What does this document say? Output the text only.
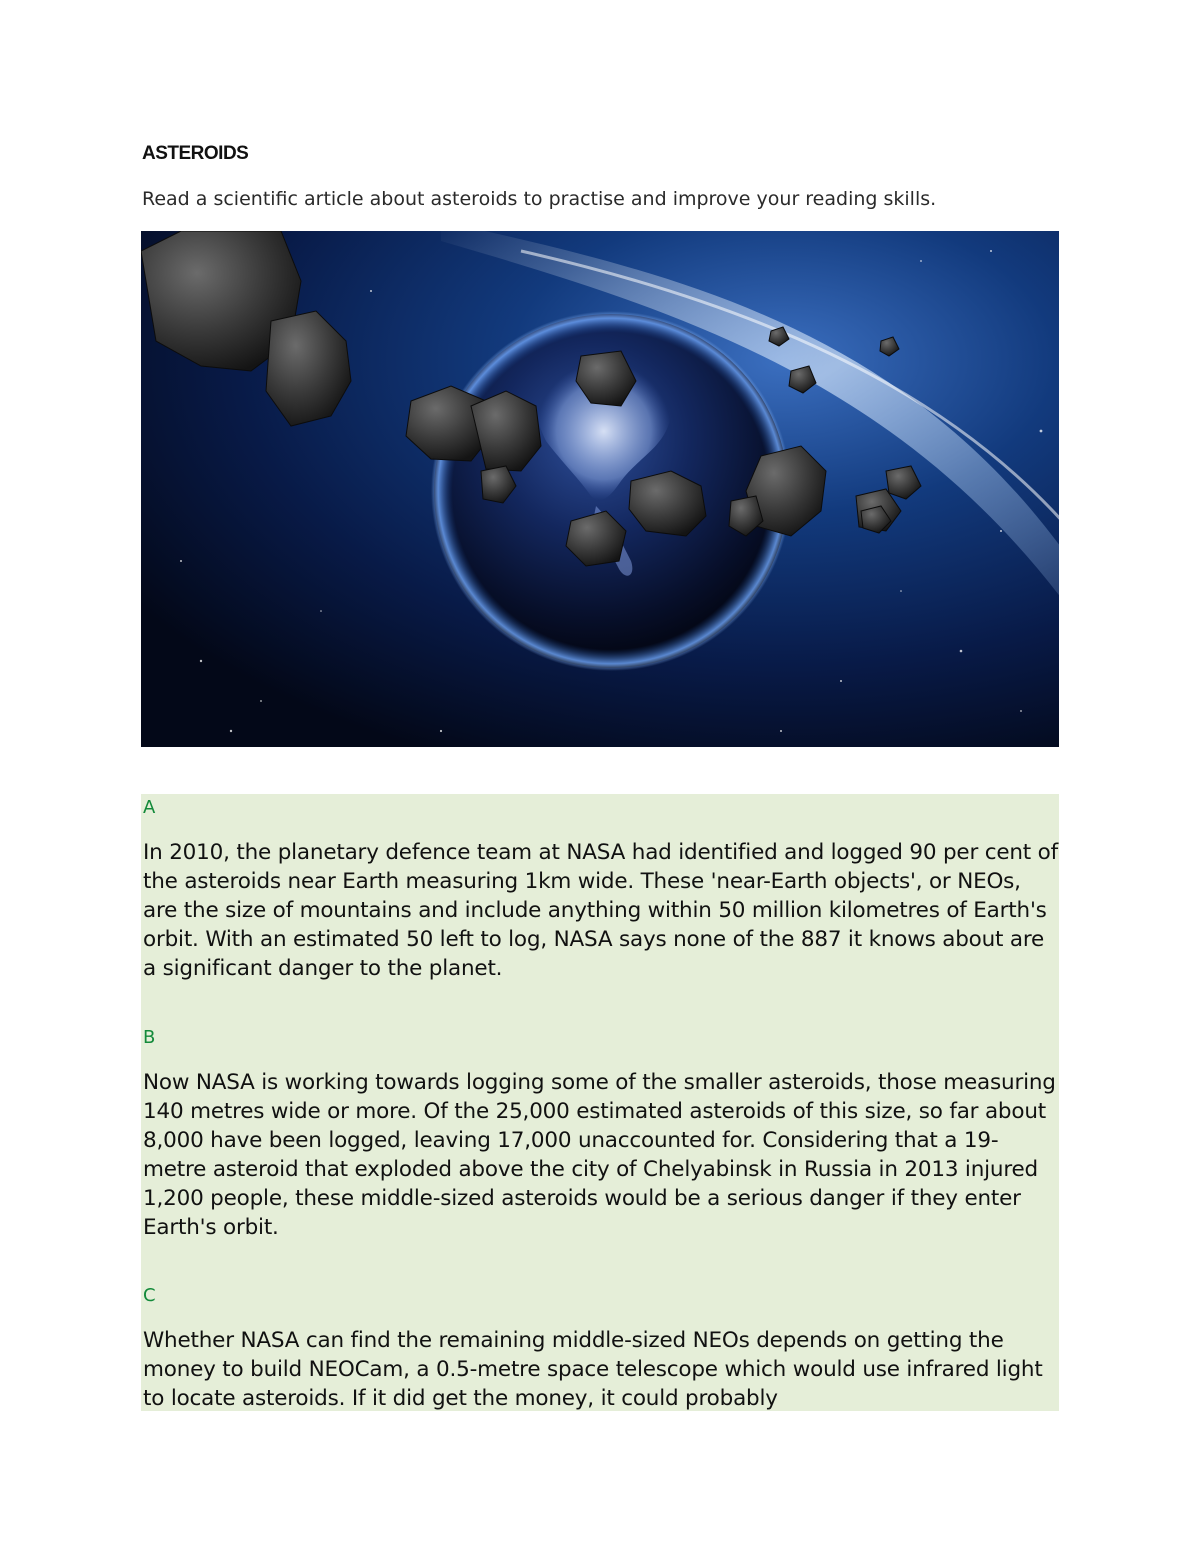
ASTEROIDS
Read a scientific article about asteroids to practise and improve your reading skills.
A

In 2010, the planetary defence team at NASA had identified and logged 90 per cent of the asteroids near Earth measuring 1km wide. These 'near-Earth objects', or NEOs, are the size of mountains and include anything within 50 million kilometres of Earth's orbit. With an estimated 50 left to log, NASA says none of the 887 it knows about are a significant danger to the planet.

B

Now NASA is working towards logging some of the smaller asteroids, those measuring 140 metres wide or more. Of the 25,000 estimated asteroids of this size, so far about 8,000 have been logged, leaving 17,000 unaccounted for. Considering that a 19-metre asteroid that exploded above the city of Chelyabinsk in Russia in 2013 injured 1,200 people, these middle-sized asteroids would be a serious danger if they enter Earth's orbit.

C

Whether NASA can find the remaining middle-sized NEOs depends on getting the money to build NEOCam, a 0.5-metre space telescope which would use infrared light to locate asteroids. If it did get the money, it could probably
